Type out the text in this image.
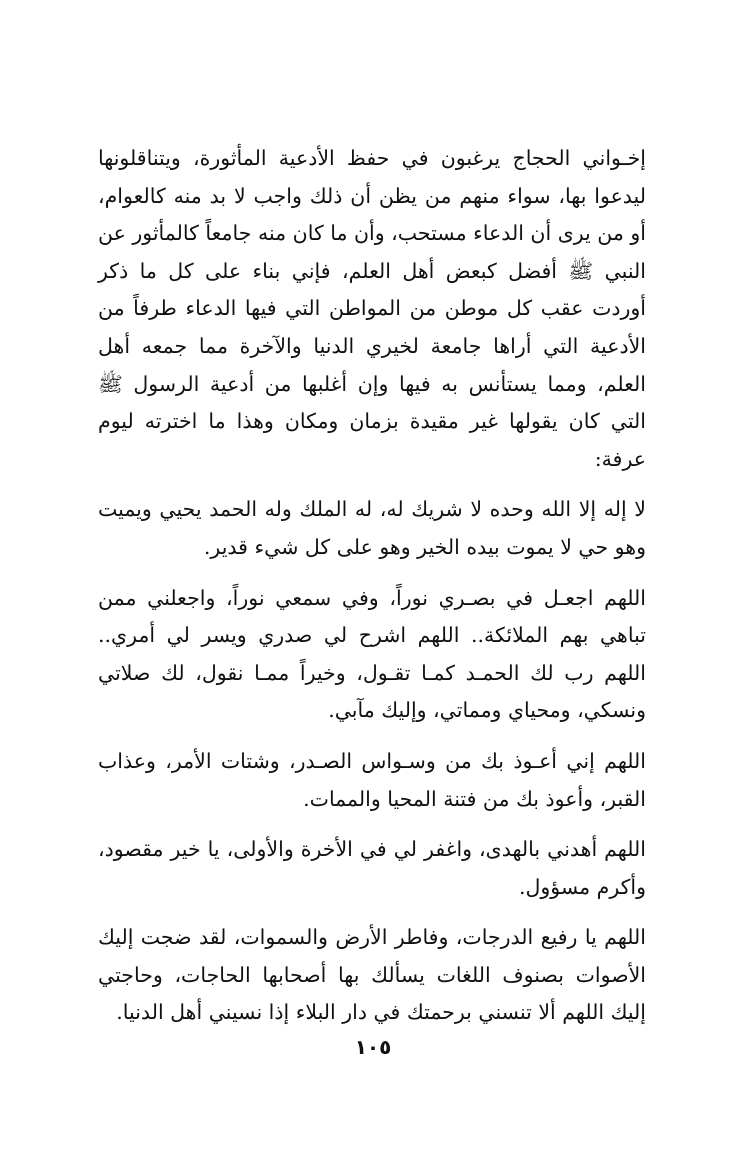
إخـواني الحجاج يرغبون في حفظ الأدعية المأثورة، ويتناقلونها ليدعوا بها، سواء منهم من يظن أن ذلك واجب لا بد منه كالعوام، أو من يرى أن الدعاء مستحب، وأن ما كان منه جامعاً كالمأثور عن النبي ﷺ أفضل كبعض أهل العلم، فإني بناء على كل ما ذكر أوردت عقب كل موطن من المواطن التي فيها الدعاء طرفاً من الأدعية التي أراها جامعة لخيري الدنيا والآخرة مما جمعه أهل العلم، ومما يستأنس به فيها وإن أغلبها من أدعية الرسول ﷺ التي كان يقولها غير مقيدة بزمان ومكان وهذا ما اخترته ليوم عرفة:

لا إله إلا الله وحده لا شريك له، له الملك وله الحمد يحيي ويميت وهو حي لا يموت بيده الخير وهو على كل شيء قدير.

اللهم اجعـل في بصـري نوراً، وفي سمعي نوراً، واجعلني ممن تباهي بهم الملائكة.. اللهم اشرح لي صدري ويسر لي أمري.. اللهم رب لك الحمـد كمـا تقـول، وخيراً ممـا نقول، لك صلاتي ونسكي، ومحياي ومماتي، وإليك مآبي.

اللهم إني أعـوذ بك من وسـواس الصـدر، وشتات الأمر، وعذاب القبر، وأعوذ بك من فتنة المحيا والممات.

اللهم أهدني بالهدى، واغفر لي في الأخرة والأولى، يا خير مقصود، وأكرم مسؤول.

اللهم يا رفيع الدرجات، وفاطر الأرض والسموات، لقد ضجت إليك الأصوات بصنوف اللغات يسألك بها أصحابها الحاجات، وحاجتي إليك اللهم ألا تنسني برحمتك في دار البلاء إذا نسيني أهل الدنيا.

١٠٥
